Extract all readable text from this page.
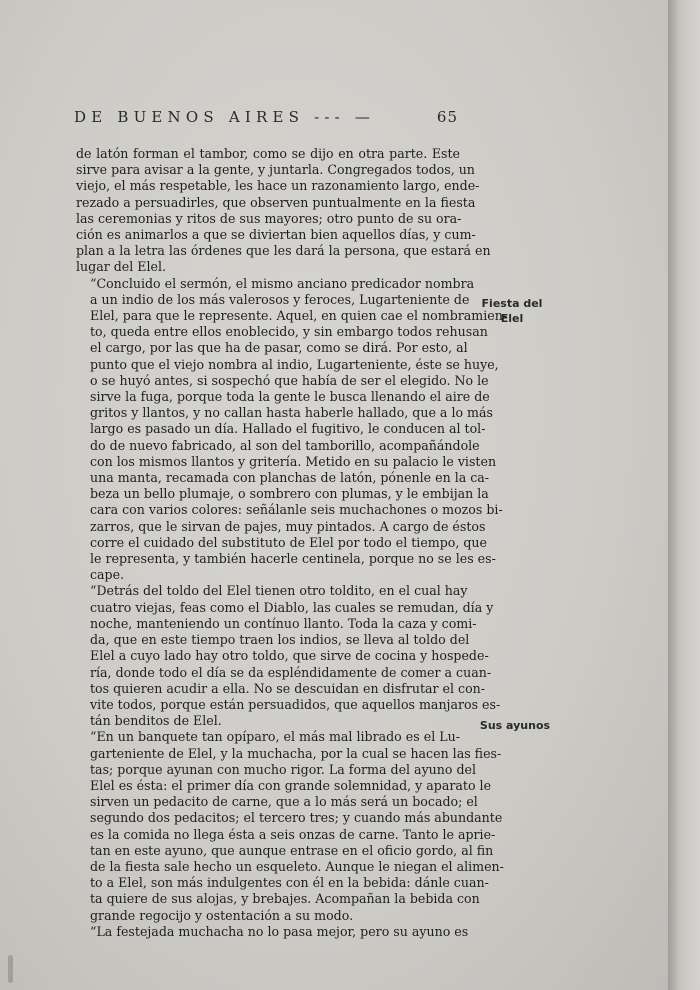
DE BUENOS AIRES --- —	65

de latón forman el tambor, como se dijo en otra parte. Este
sirve para avisar a la gente, y juntarla. Congregados todos, un
viejo, el más respetable, les hace un razonamiento largo, ende-
rezado a persuadirles, que observen puntualmente en la fiesta
las ceremonias y ritos de sus mayores; otro punto de su ora-
ción es animarlos a que se diviertan bien aquellos días, y cum-
plan a la letra las órdenes que les dará la persona, que estará en
lugar del Elel.

“Concluido el sermón, el mismo anciano predicador nombra
a un indio de los más valerosos y feroces, Lugarteniente de
Elel, para que le represente. Aquel, en quien cae el nombramien-
to, queda entre ellos enoblecido, y sin embargo todos rehusan
el cargo, por las que ha de pasar, como se dirá. Por esto, al
punto que el viejo nombra al indio, Lugarteniente, éste se huye,
o se huyó antes, si sospechó que había de ser el elegido. No le
sirve la fuga, porque toda la gente le busca llenando el aire de
gritos y llantos, y no callan hasta haberle hallado, que a lo más
largo es pasado un día. Hallado el fugitivo, le conducen al tol-
do de nuevo fabricado, al son del tamborillo, acompañándole
con los mismos llantos y gritería. Metido en su palacio le visten
una manta, recamada con planchas de latón, pónenle en la ca-
beza un bello plumaje, o sombrero con plumas, y le embijan la
cara con varios colores: señálanle seis muchachones o mozos bi-
zarros, que le sirvan de pajes, muy pintados. A cargo de éstos
corre el cuidado del substituto de Elel por todo el tiempo, que
le representa, y también hacerle centinela, porque no se les es-
cape.

“Detrás del toldo del Elel tienen otro toldito, en el cual hay
cuatro viejas, feas como el Diablo, las cuales se remudan, día y
noche, manteniendo un contínuo llanto. Toda la caza y comi-
da, que en este tiempo traen los indios, se lleva al toldo del
Elel a cuyo lado hay otro toldo, que sirve de cocina y hospede-
ría, donde todo el día se da espléndidamente de comer a cuan-
tos quieren acudir a ella. No se descuidan en disfrutar el con-
vite todos, porque están persuadidos, que aquellos manjaros es-
tán benditos de Elel.

“En un banquete tan opíparo, el más mal librado es el Lu-
garteniente de Elel, y la muchacha, por la cual se hacen las fies-
tas; porque ayunan con mucho rigor. La forma del ayuno del
Elel es ésta: el primer día con grande solemnidad, y aparato le
sirven un pedacito de carne, que a lo más será un bocado; el
segundo dos pedacitos; el tercero tres; y cuando más abundante
es la comida no llega ésta a seis onzas de carne. Tanto le aprie-
tan en este ayuno, que aunque entrase en el oficio gordo, al fin
de la fiesta sale hecho un esqueleto. Aunque le niegan el alimen-
to a Elel, son más indulgentes con él en la bebida: dánle cuan-
ta quiere de sus alojas, y brebajes. Acompañan la bebida con
grande regocijo y ostentación a su modo.

“La festejada muchacha no lo pasa mejor, pero su ayuno es

Fiesta del Elel
Sus ayunos
